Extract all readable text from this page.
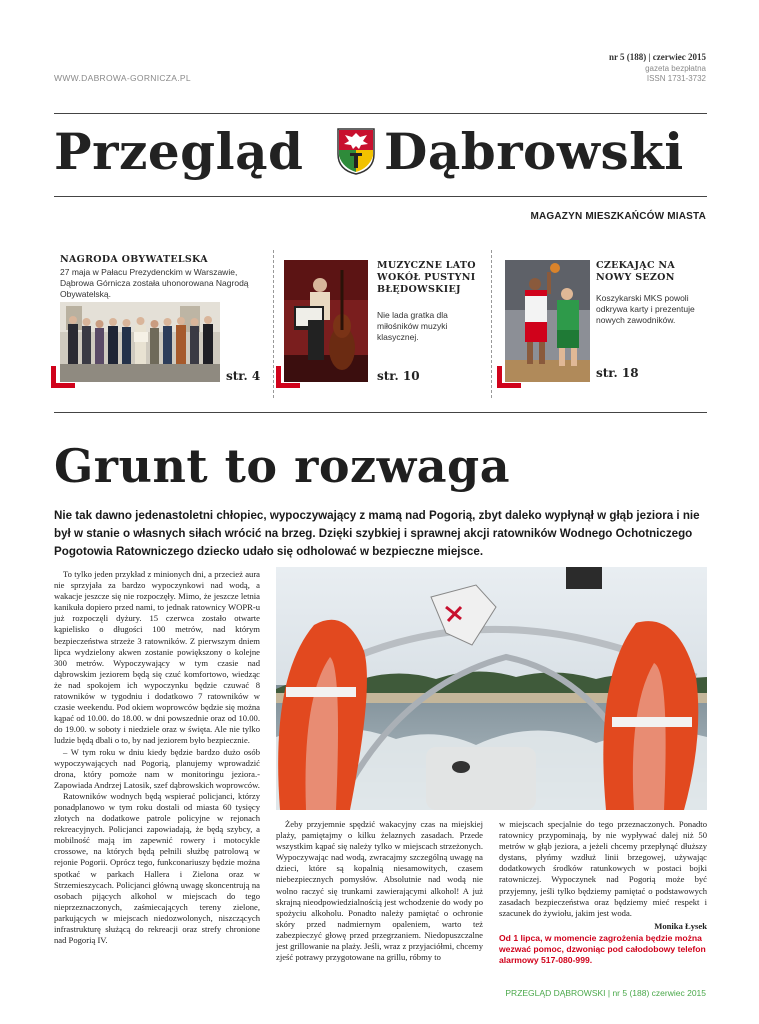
WWW.DABROWA-GORNICZA.PL
nr 5 (188) | czerwiec 2015
gazeta bezpłatna
ISSN 1731-3732
Przegląd Dąbrowski
MAGAZYN MIESZKAŃCÓW MIASTA
NAGRODA OBYWATELSKA
27 maja w Pałacu Prezydenckim w Warszawie, Dąbrowa Górnicza została uhonorowana Nagrodą Obywatelską.
str. 4
MUZYCZNE LATO
WOKÓŁ PUSTYNI
BŁĘDOWSKIEJ
Nie lada gratka dla miłośników muzyki klasycznej.
str. 10
CZEKAJĄC NA
NOWY SEZON
Koszykarski MKS powoli odkrywa karty i prezentuje nowych zawodników.
str. 18
Grunt to rozwaga
Nie tak dawno jedenastoletni chłopiec, wypoczywający z mamą nad Pogorią, zbyt daleko wypłynął w głąb jeziora i nie był w stanie o własnych siłach wrócić na brzeg. Dzięki szybkiej i sprawnej akcji ratowników Wodnego Ochotniczego Pogotowia Ratowniczego dziecko udało się odholować w bezpieczne miejsce.

To tylko jeden przykład z minionych dni, a przecież aura nie sprzyjała za bardzo wypoczynkowi nad wodą, a wakacje jeszcze się nie rozpoczęły. Mimo, że jeszcze letnia kanikuła dopiero przed nami, to jednak ratownicy WOPR-u już rozpoczęli dyżury. 15 czerwca zostało otwarte kąpielisko o długości 100 metrów, nad którym bezpieczeństwa strzeże 3 ratowników. Z pierwszym dniem lipca wydzielony akwen zostanie powiększony o kolejne 300 metrów. Wypoczywający w tym czasie nad dąbrowskim jeziorem będą się czuć komfortowo, wiedząc że nad spokojem ich wypoczynku będzie czuwać 8 ratowników w tygodniu i dodatkowo 7 ratowników w czasie weekendu. Pod okiem woprowców będzie się można kąpać od 10.00. do 18.00. w dni powszednie oraz od 10.00. do 19.00. w soboty i niedziele oraz w święta. Ale nie tylko ludzie będą dbali o to, by nad jeziorem było bezpiecznie.

– W tym roku w dniu kiedy będzie bardzo dużo osób wypoczywających nad Pogorią, planujemy wprowadzić drona, który pomoże nam w monitoringu jeziora.- Zapowiada Andrzej Latosik, szef dąbrowskich woprowców.

Ratowników wodnych będą wspierać policjanci, którzy ponadplanowo w tym roku dostali od miasta 60 tysięcy złotych na dodatkowe patrole policyjne w rejonach rekreacyjnych. Policjanci zapowiadają, że będą szybcy, a mobilność mają im zapewnić rowery i motocykle crossowe, na których będą pełnili służbę patrolową w rejonie Pogorii. Oprócz tego, funkconariuszy będzie można spotkać w parkach Hallera i Zielona oraz w Strzemieszycach. Policjanci główną uwagę skoncentrują na osobach pijących alkohol w miejscach do tego nieprzeznaczonych, zaśmiecających tereny zielone, parkujących w miejscach niedozwolonych, niszczących infrastrukturę służącą do rekreacji oraz strefy chronione nad Pogorią IV.

Żeby przyjemnie spędzić wakacyjny czas na miejskiej plaży, pamiętajmy o kilku żelaznych zasadach. Przede wszystkim kąpać się należy tylko w miejscach strzeżonych. Wypoczywając nad wodą, zwracajmy szczególną uwagę na dzieci, które są kopalnią niesamowitych, czasem niebezpiecznych pomysłów. Absolutnie nad wodą nie wolno raczyć się trunkami zawierającymi alkohol! A już skrajną nieodpowiedzialnością jest wchodzenie do wody po spożyciu alkoholu. Ponadto należy pamiętać o ochronie skóry przed nadmiernym opaleniem, warto też zabezpieczyć głowę przed przegrzaniem. Niedopuszczalne jest grillowanie na plaży. Jeśli, wraz z przyjaciółmi, chcemy zjeść potrawy przygotowane na grillu, róbmy to

w miejscach specjalnie do tego przeznaczonych. Ponadto ratownicy przypominają, by nie wypływać dalej niż 50 metrów w głąb jeziora, a jeżeli chcemy przepłynąć dłuższy dystans, płyńmy wzdłuż linii brzegowej, używając dodatkowych środków ratunkowych w postaci bojki ratowniczej. Wypoczynek nad Pogorią może być przyjemny, jeśli tylko będziemy pamiętać o podstawowych zasadach bezpieczeństwa oraz będziemy mieć respekt i szacunek do żywiołu, jakim jest woda.

Monika Łysek
Od 1 lipca, w momencie zagrożenia będzie można wezwać pomoc, dzwoniąc pod całodobowy telefon alarmowy 517-080-999.
PRZEGLĄD DĄBROWSKI | nr 5 (188) czerwiec 2015
